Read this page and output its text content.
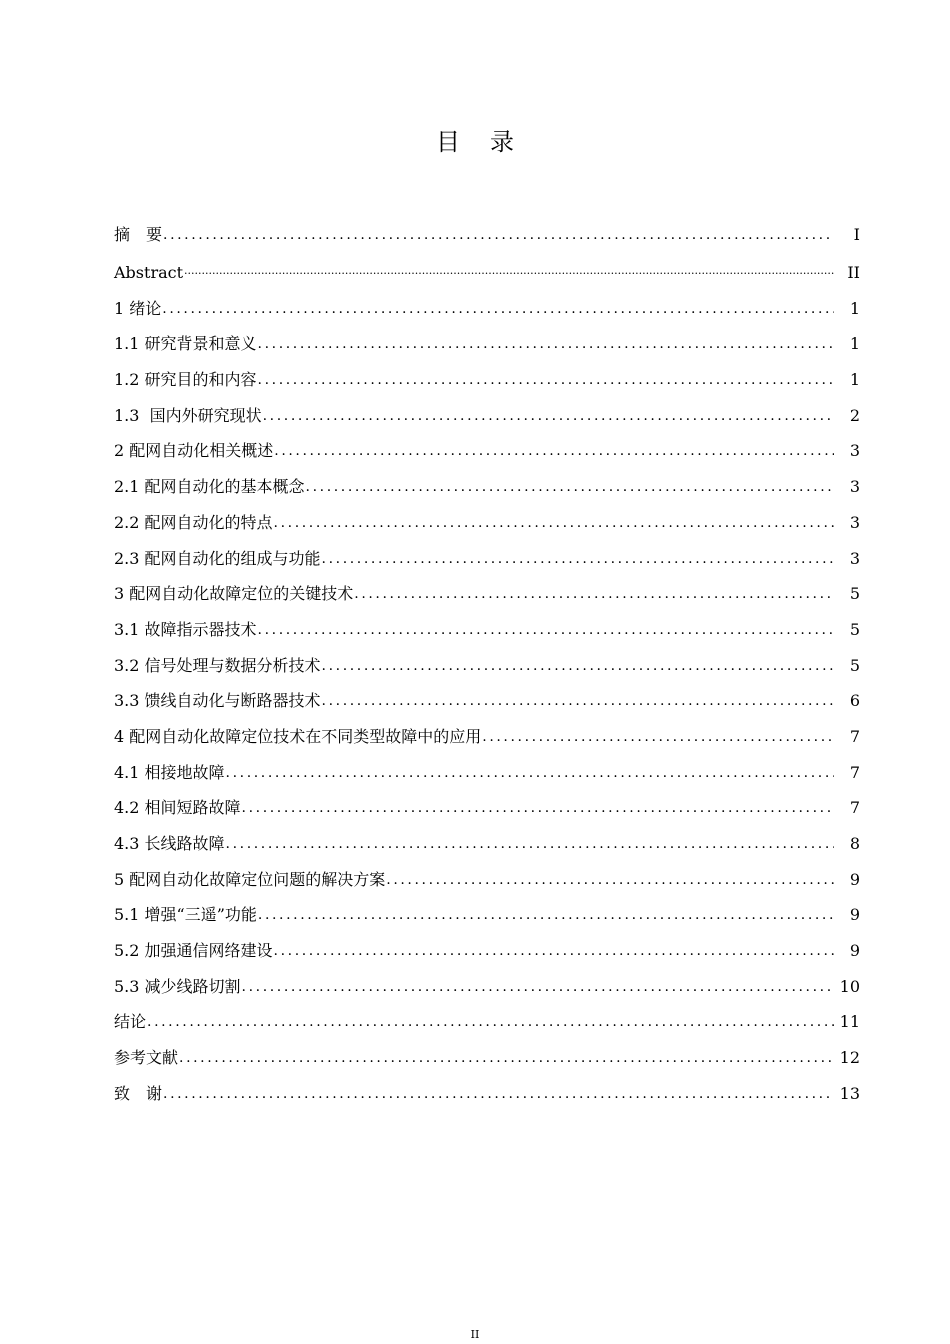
目 录
摘　要 .....	I
Abstract .....	II
1 绪论 .....	1
1.1 研究背景和意义 .....	1
1.2 研究目的和内容 .....	1
1.3  国内外研究现状 .....	2
2 配网自动化相关概述 .....	3
2.1 配网自动化的基本概念 .....	3
2.2 配网自动化的特点 .....	3
2.3 配网自动化的组成与功能 .....	3
3 配网自动化故障定位的关键技术 .....	5
3.1 故障指示器技术 .....	5
3.2 信号处理与数据分析技术 .....	5
3.3 馈线自动化与断路器技术 .....	6
4 配网自动化故障定位技术在不同类型故障中的应用 .....	7
4.1 相接地故障 .....	7
4.2 相间短路故障 .....	7
4.3 长线路故障 .....	8
5 配网自动化故障定位问题的解决方案 .....	9
5.1 增强“三遥”功能 .....	9
5.2 加强通信网络建设 .....	9
5.3 减少线路切割 .....	10
结论 .....	11
参考文献 .....	12
致　谢 .....	13
II
